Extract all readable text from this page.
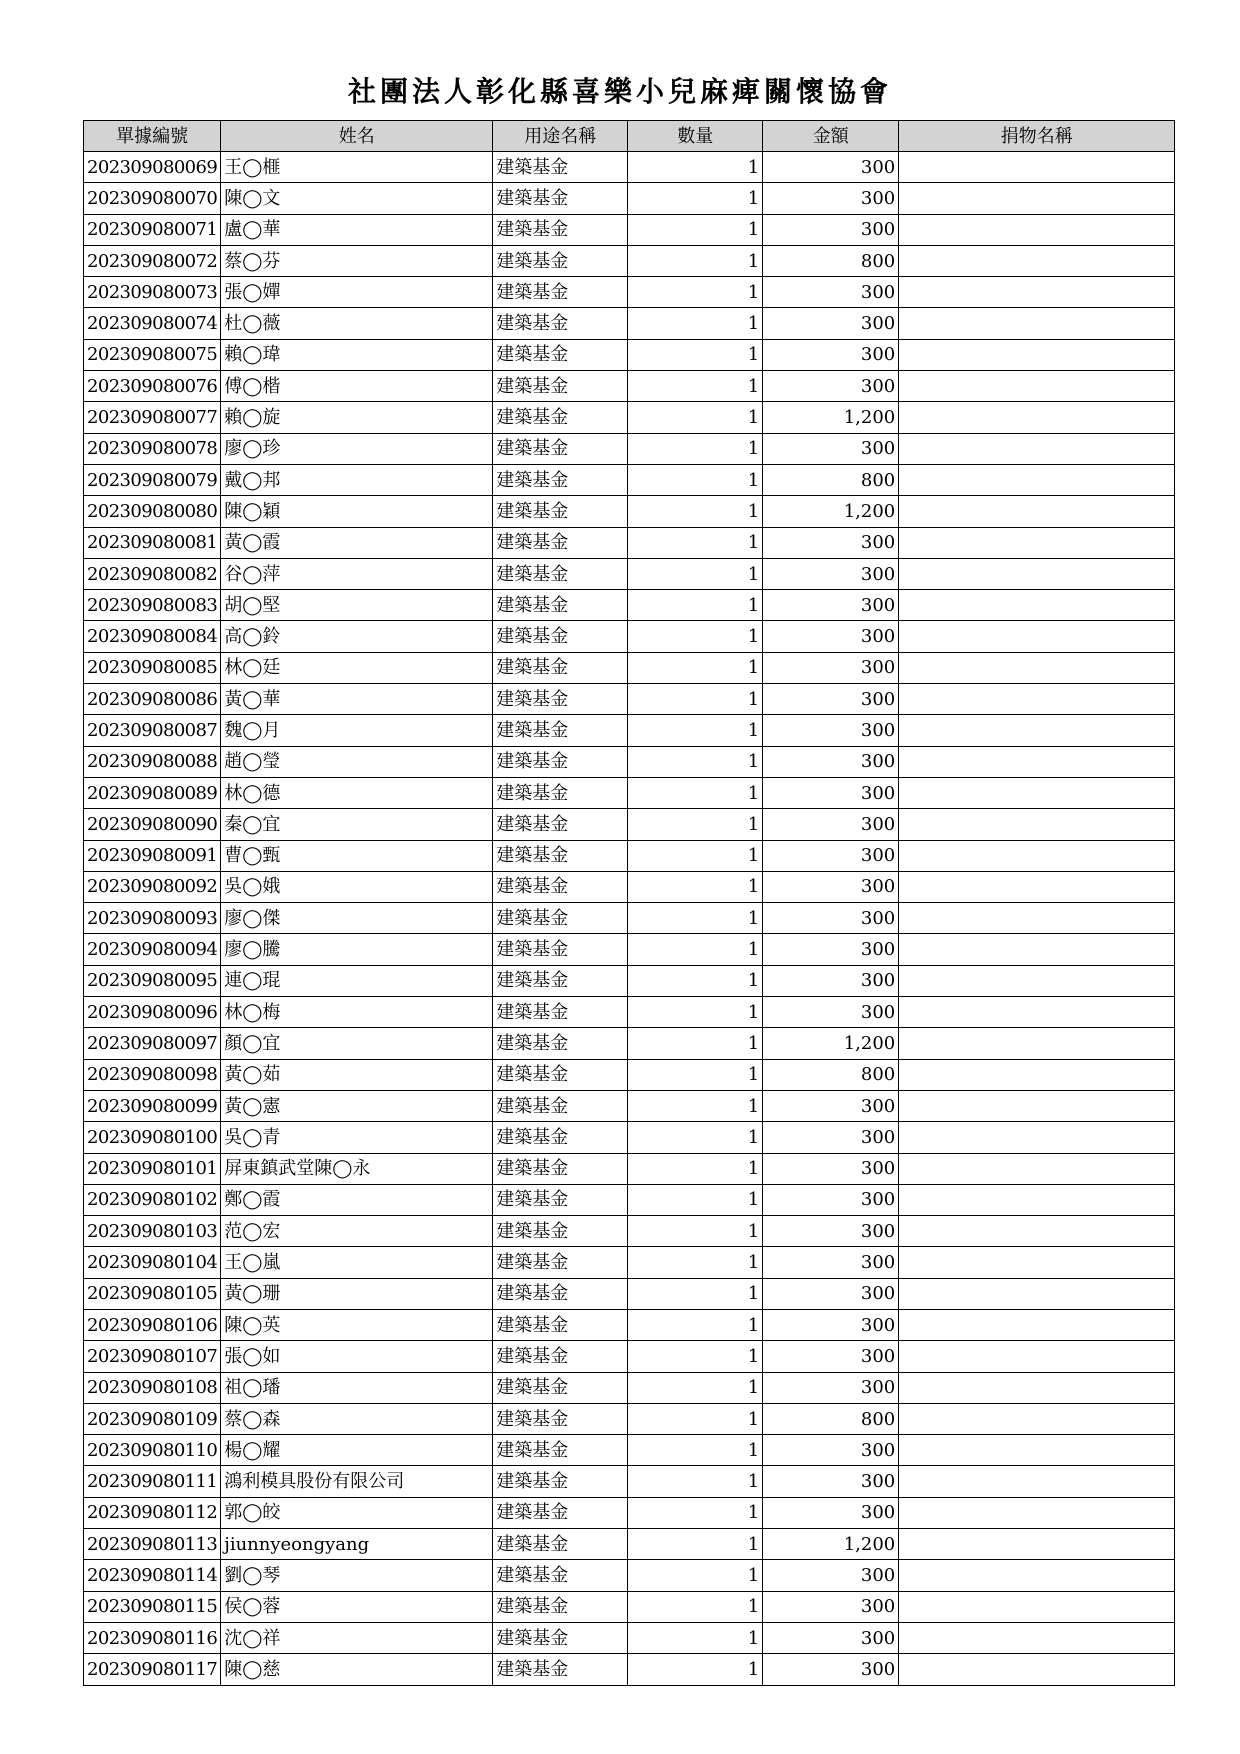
社團法人彰化縣喜樂小兒麻痺關懷協會
單據編號	姓名	用途名稱	數量	金額	捐物名稱
202309080069	王◯榧	建築基金	1	300	
202309080070	陳◯文	建築基金	1	300	
202309080071	盧◯華	建築基金	1	300	
202309080072	蔡◯芬	建築基金	1	800	
202309080073	張◯嬋	建築基金	1	300	
202309080074	杜◯薇	建築基金	1	300	
202309080075	賴◯瑋	建築基金	1	300	
202309080076	傅◯楷	建築基金	1	300	
202309080077	賴◯旋	建築基金	1	1,200	
202309080078	廖◯珍	建築基金	1	300	
202309080079	戴◯邦	建築基金	1	800	
202309080080	陳◯穎	建築基金	1	1,200	
202309080081	黃◯霞	建築基金	1	300	
202309080082	谷◯萍	建築基金	1	300	
202309080083	胡◯堅	建築基金	1	300	
202309080084	高◯鈴	建築基金	1	300	
202309080085	林◯廷	建築基金	1	300	
202309080086	黃◯華	建築基金	1	300	
202309080087	魏◯月	建築基金	1	300	
202309080088	趙◯瑩	建築基金	1	300	
202309080089	林◯德	建築基金	1	300	
202309080090	秦◯宜	建築基金	1	300	
202309080091	曹◯甄	建築基金	1	300	
202309080092	吳◯娥	建築基金	1	300	
202309080093	廖◯傑	建築基金	1	300	
202309080094	廖◯騰	建築基金	1	300	
202309080095	連◯琨	建築基金	1	300	
202309080096	林◯梅	建築基金	1	300	
202309080097	顏◯宜	建築基金	1	1,200	
202309080098	黃◯茹	建築基金	1	800	
202309080099	黃◯憲	建築基金	1	300	
202309080100	吳◯青	建築基金	1	300	
202309080101	屏東鎮武堂陳◯永	建築基金	1	300	
202309080102	鄭◯霞	建築基金	1	300	
202309080103	范◯宏	建築基金	1	300	
202309080104	王◯嵐	建築基金	1	300	
202309080105	黃◯珊	建築基金	1	300	
202309080106	陳◯英	建築基金	1	300	
202309080107	張◯如	建築基金	1	300	
202309080108	祖◯璠	建築基金	1	300	
202309080109	蔡◯森	建築基金	1	800	
202309080110	楊◯耀	建築基金	1	300	
202309080111	鴻利模具股份有限公司	建築基金	1	300	
202309080112	郭◯皎	建築基金	1	300	
202309080113	jiunnyeongyang	建築基金	1	1,200	
202309080114	劉◯琴	建築基金	1	300	
202309080115	侯◯蓉	建築基金	1	300	
202309080116	沈◯祥	建築基金	1	300	
202309080117	陳◯慈	建築基金	1	300	
